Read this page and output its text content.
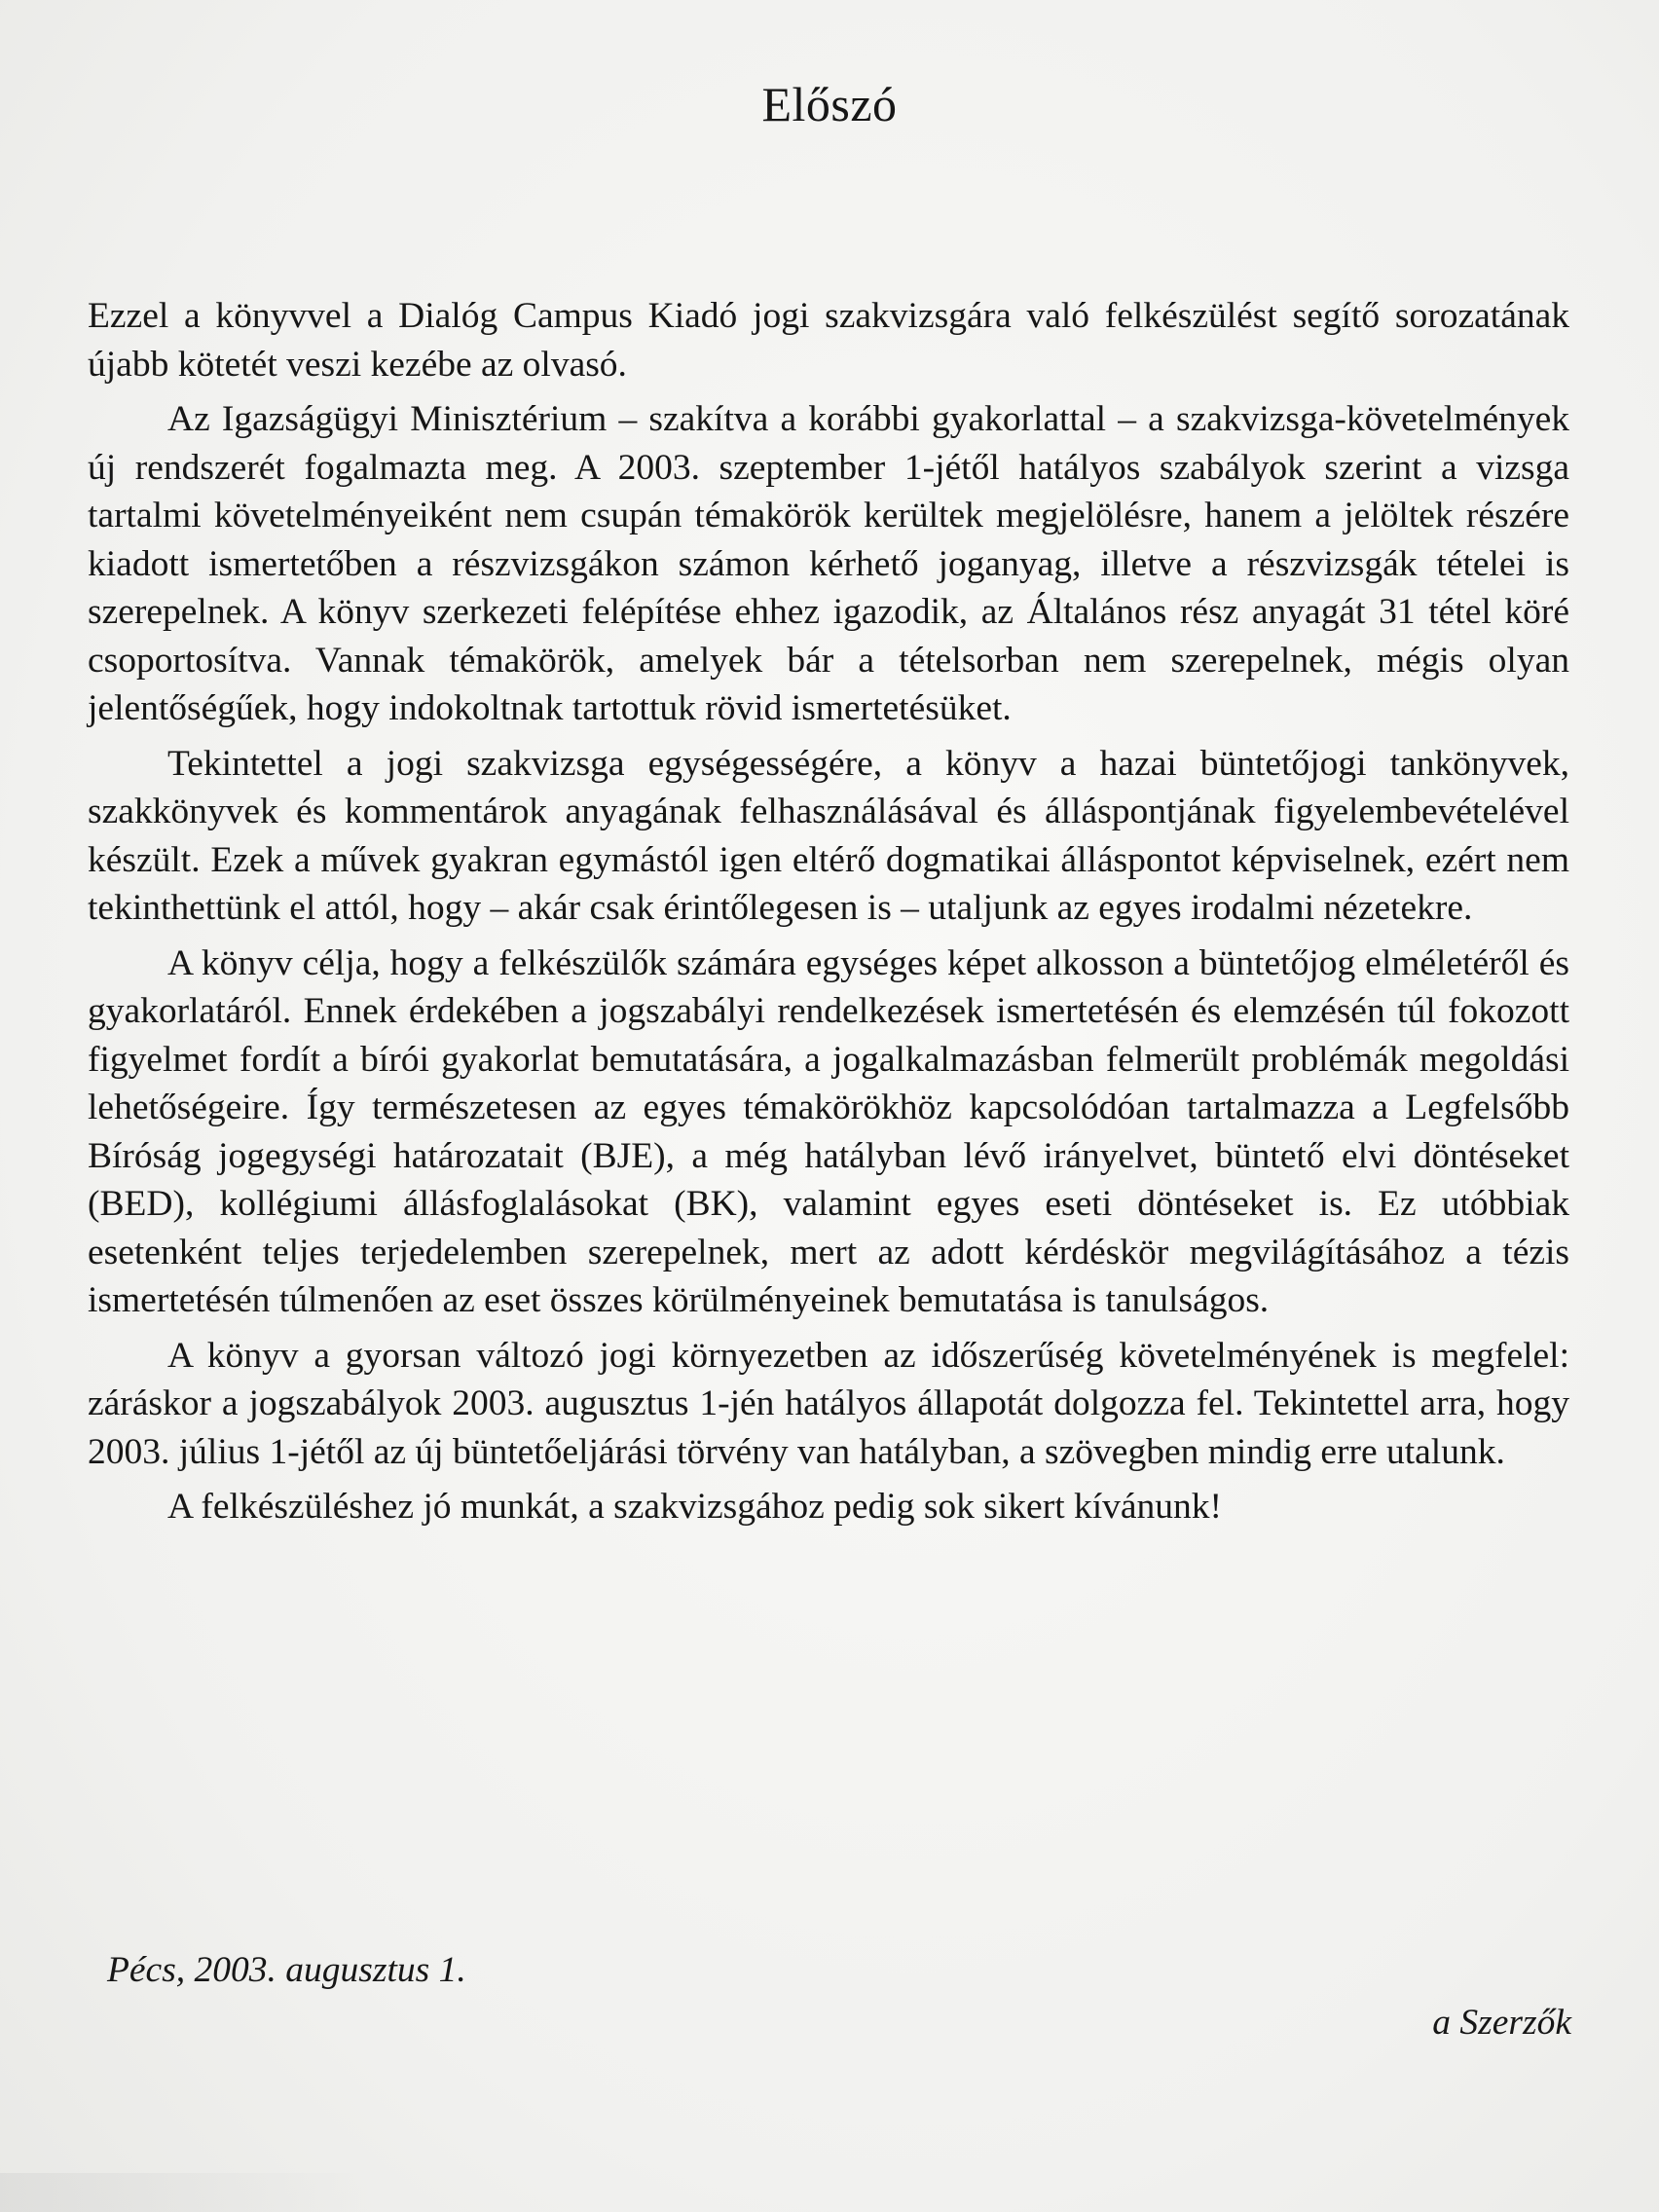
Előszó

Ezzel a könyvvel a Dialóg Campus Kiadó jogi szakvizsgára való felkészülést segítő sorozatának újabb kötetét veszi kezébe az olvasó.

Az Igazságügyi Minisztérium – szakítva a korábbi gyakorlattal – a szakvizsga-követelmények új rendszerét fogalmazta meg. A 2003. szeptember 1-jétől hatályos szabályok szerint a vizsga tartalmi követelményeiként nem csupán témakörök kerültek megjelölésre, hanem a jelöltek részére kiadott ismertetőben a részvizsgákon számon kérhető joganyag, illetve a részvizsgák tételei is szerepelnek. A könyv szerkezeti felépítése ehhez igazodik, az Általános rész anyagát 31 tétel köré csoportosítva. Vannak témakörök, amelyek bár a tételsorban nem szerepelnek, mégis olyan jelentőségűek, hogy indokoltnak tartottuk rövid ismertetésüket.

Tekintettel a jogi szakvizsga egységességére, a könyv a hazai büntetőjogi tankönyvek, szakkönyvek és kommentárok anyagának felhasználásával és álláspontjának figyelembevételével készült. Ezek a művek gyakran egymástól igen eltérő dogmatikai álláspontot képviselnek, ezért nem tekinthettünk el attól, hogy – akár csak érintőlegesen is – utaljunk az egyes irodalmi nézetekre.

A könyv célja, hogy a felkészülők számára egységes képet alkosson a büntetőjog elméletéről és gyakorlatáról. Ennek érdekében a jogszabályi rendelkezések ismertetésén és elemzésén túl fokozott figyelmet fordít a bírói gyakorlat bemutatására, a jogalkalmazásban felmerült problémák megoldási lehetőségeire. Így természetesen az egyes témakörökhöz kapcsolódóan tartalmazza a Legfelsőbb Bíróság jogegységi határozatait (BJE), a még hatályban lévő irányelvet, büntető elvi döntéseket (BED), kollégiumi állásfoglalásokat (BK), valamint egyes eseti döntéseket is. Ez utóbbiak esetenként teljes terjedelemben szerepelnek, mert az adott kérdéskör megvilágításához a tézis ismertetésén túlmenően az eset összes körülményeinek bemutatása is tanulságos.

A könyv a gyorsan változó jogi környezetben az időszerűség követelményének is megfelel: záráskor a jogszabályok 2003. augusztus 1-jén hatályos állapotát dolgozza fel. Tekintettel arra, hogy 2003. július 1-jétől az új büntetőeljárási törvény van hatályban, a szövegben mindig erre utalunk.

A felkészüléshez jó munkát, a szakvizsgához pedig sok sikert kívánunk!

Pécs, 2003. augusztus 1.
a Szerzők
